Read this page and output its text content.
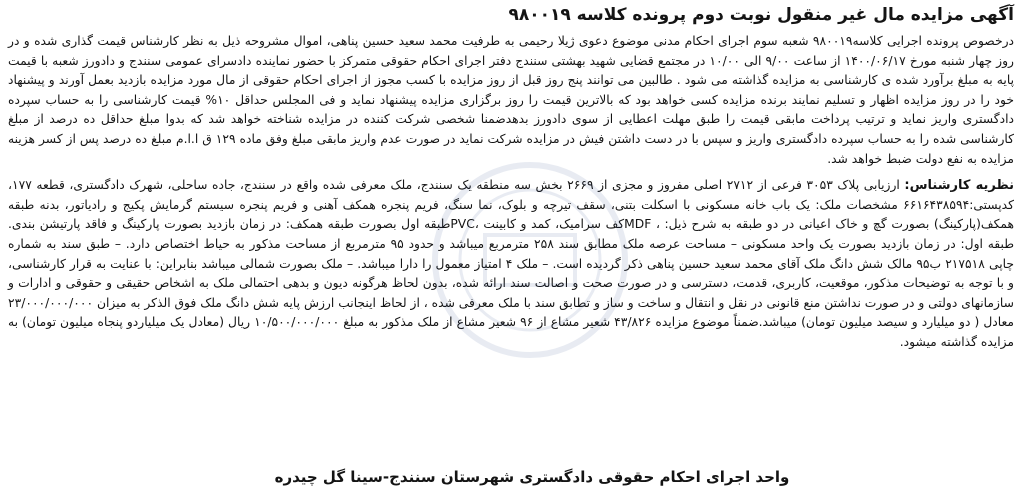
آگهی مزایده مال غیر منقول نوبت دوم پرونده کلاسه ۹۸۰۰۱۹

درخصوص پرونده اجرایی کلاسه۹۸۰۰۱۹ شعبه سوم اجرای احکام مدنی موضوع دعوی ژیلا رحیمی به طرفیت محمد سعید حسین پناهی، اموال مشروحه ذیل به نظر کارشناس قیمت گذاری شده و در روز چهار شنبه مورخ ۱۴۰۰/۰۶/۱۷ از ساعت ۹/۰۰ الی ۱۰/۰۰ در مجتمع قضایی شهید بهشتی سنندج دفتر اجرای احکام حقوقی متمرکز با حضور نماینده دادسرای عمومی سنندج و دادورز شعبه با قیمت پایه به مبلغ برآورد شده ی کارشناسی به مزایده گذاشته می شود . طالبین می توانند پنج روز قبل از روز مزایده با کسب مجوز از اجرای احکام حقوقی از مال مورد مزایده بازدید بعمل آورند و پیشنهاد خود را در روز مزایده اظهار و تسلیم نمایند برنده مزایده کسی خواهد بود که بالاترین قیمت را روز برگزاری مزایده پیشنهاد نماید و فی المجلس حداقل ۱۰% قیمت کارشناسی را به حساب سپرده دادگستری واریز نماید و ترتیب پرداخت مابقی قیمت را طبق مهلت اعطایی از سوی دادورز بدهدضمنا شخصی شرکت کننده در مزایده شناخته خواهد شد که بدوا مبلغ حداقل ده درصد از مبلغ کارشناسی شده را به حساب سپرده دادگستری واریز و سپس با در دست داشتن فیش در مزایده شرکت نماید در صورت عدم واریز مابقی مبلغ وفق ماده ۱۲۹ ق ا.ا.م مبلغ ده درصد پس از کسر هزینه مزایده به نفع دولت ضبط خواهد شد.

نظریه کارشناس: ارزیابی پلاک ۳۰۵۳ فرعی از ۲۷۱۲ اصلی مفروز و مجزی از ۲۶۶۹ بخش سه منطقه یک سنندج، ملک معرفی شده واقع در سنندج، جاده ساحلی، شهرک دادگستری، قطعه ۱۷۷، کدپستی:۶۶۱۶۴۳۸۵۹۴ مشخصات ملک: یک باب خانه مسکونی با اسکلت بتنی، سقف تیرچه و بلوک، نما سنگ، فریم پنجره همکف آهنی و فریم پنجره سیستم گرمایش پکیج و رادیاتور، بدنه طبقه همکف(پارکینگ) بصورت گچ و خاک اعیانی در دو طبقه به شرح ذیل: ، MDFکف سرامیک، کمد و کابینت ،PVCطبقه اول بصورت طبقه همکف: در زمان بازدید بصورت پارکینگ و فاقد پارتیشن بندی. طبقه اول: در زمان بازدید بصورت یک واحد مسکونی – مساحت عرصه ملک مطابق سند ۲۵۸ مترمربع میباشد و حدود ۹۵ مترمربع از مساحت مذکور به حیاط اختصاص دارد. – طبق سند به شماره چاپی ۲۱۷۵۱۸ ب۹۵ مالک شش دانگ ملک آقای محمد سعید حسین پناهی ذکر گردیده است. – ملک ۴ امتیاز معمول را دارا میباشد. – ملک بصورت شمالی میباشد بنابراین: با عنایت به قرار کارشناسی، و با توجه به توضیحات مذکور، موقعیت، کاربری، قدمت، دسترسی و در صورت صحت و اصالت سند ارائه شده، بدون لحاظ هرگونه دیون و بدهی احتمالی ملک به اشخاص حقیقی و حقوقی و ادارات و سازمانهای دولتی و در صورت نداشتن منع قانونی در نقل و انتقال و ساخت و ساز و تطابق سند با ملک معرفی شده ، از لحاظ اینجانب ارزش پایه شش دانگ ملک فوق الذکر به میزان ۲۳/۰۰۰/۰۰۰/۰۰۰ معادل ( دو میلیارد و سیصد میلیون تومان) میباشد.ضمناً موضوع مزایده ۴۳/۸۲۶ شعیر مشاع از ۹۶ شعیر مشاع از ملک مذکور به مبلغ ۱۰/۵۰۰/۰۰۰/۰۰۰ ریال (معادل یک میلیاردو پنجاه میلیون تومان) به مزایده گذاشته میشود.

واحد اجرای احکام حقوقی دادگستری شهرستان سنندج-سینا گل چیدره
